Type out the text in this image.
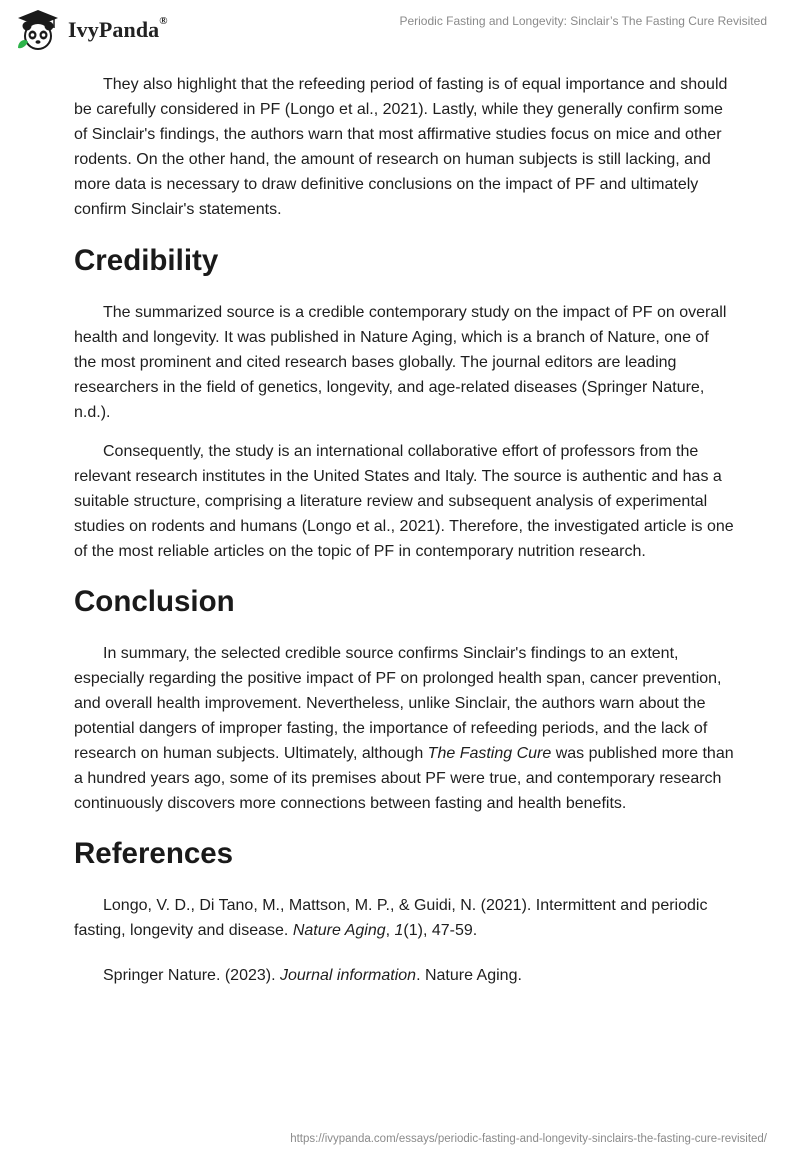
IvyPanda®	Periodic Fasting and Longevity: Sinclair’s The Fasting Cure Revisited

They also highlight that the refeeding period of fasting is of equal importance and should be carefully considered in PF (Longo et al., 2021). Lastly, while they generally confirm some of Sinclair's findings, the authors warn that most affirmative studies focus on mice and other rodents. On the other hand, the amount of research on human subjects is still lacking, and more data is necessary to draw definitive conclusions on the impact of PF and ultimately confirm Sinclair's statements.

Credibility

The summarized source is a credible contemporary study on the impact of PF on overall health and longevity. It was published in Nature Aging, which is a branch of Nature, one of the most prominent and cited research bases globally. The journal editors are leading researchers in the field of genetics, longevity, and age-related diseases (Springer Nature, n.d.).

Consequently, the study is an international collaborative effort of professors from the relevant research institutes in the United States and Italy. The source is authentic and has a suitable structure, comprising a literature review and subsequent analysis of experimental studies on rodents and humans (Longo et al., 2021). Therefore, the investigated article is one of the most reliable articles on the topic of PF in contemporary nutrition research.

Conclusion

In summary, the selected credible source confirms Sinclair's findings to an extent, especially regarding the positive impact of PF on prolonged health span, cancer prevention, and overall health improvement. Nevertheless, unlike Sinclair, the authors warn about the potential dangers of improper fasting, the importance of refeeding periods, and the lack of research on human subjects. Ultimately, although The Fasting Cure was published more than a hundred years ago, some of its premises about PF were true, and contemporary research continuously discovers more connections between fasting and health benefits.

References

Longo, V. D., Di Tano, M., Mattson, M. P., & Guidi, N. (2021). Intermittent and periodic fasting, longevity and disease. Nature Aging, 1(1), 47-59.

Springer Nature. (2023). Journal information. Nature Aging.

https://ivypanda.com/essays/periodic-fasting-and-longevity-sinclairs-the-fasting-cure-revisited/
